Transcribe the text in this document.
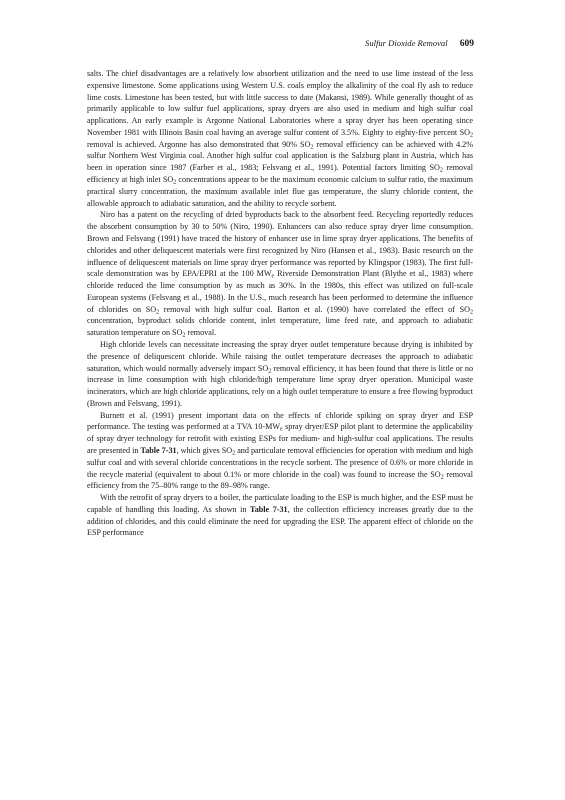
Sulfur Dioxide Removal 609

salts. The chief disadvantages are a relatively low absorbent utilization and the need to use lime instead of the less expensive limestone. Some applications using Western U.S. coals employ the alkalinity of the coal fly ash to reduce lime costs. Limestone has been tested, but with little success to date (Makansi, 1989). While generally thought of as primarily applicable to low sulfur fuel applications, spray dryers are also used in medium and high sulfur coal applications. An early example is Argonne National Laboratories where a spray dryer has been operating since November 1981 with Illinois Basin coal having an average sulfur content of 3.5%. Eighty to eighty-five percent $SO_2$ removal is achieved. Argonne has also demonstrated that 90% $SO_2$ removal efficiency can be achieved with 4.2% sulfur Northern West Virginia coal. Another high sulfur coal application is the Salzburg plant in Austria, which has been in operation since 1987 (Farber et al., 1983; Felsvang et al., 1991). Potential factors limiting $SO_2$ removal efficiency at high inlet $SO_2$ concentrations appear to be the maximum economic calcium to sulfur ratio, the maximum practical slurry concentration, the maximum available inlet flue gas temperature, the slurry chloride content, the allowable approach to adiabatic saturation, and the ability to recycle sorbent.

Niro has a patent on the recycling of dried byproducts back to the absorbent feed. Recycling reportedly reduces the absorbent consumption by 30 to 50% (Niro, 1990). Enhancers can also reduce spray dryer lime consumption. Brown and Felsvang (1991) have traced the history of enhancer use in lime spray dryer applications. The benefits of chlorides and other deliquescent materials were first recognized by Niro (Hansen et al., 1983). Basic research on the influence of deliquescent materials on lime spray dryer performance was reported by Klingspor (1983). The first full-scale demonstration was by EPA/EPRI at the 100 $MW_e$ Riverside Demonstration Plant (Blythe et al., 1983) where chloride reduced the lime consumption by as much as 30%. In the 1980s, this effect was utilized on full-scale European systems (Felsvang et al., 1988). In the U.S., much research has been performed to determine the influence of chlorides on $SO_2$ removal with high sulfur coal. Barton et al. (1990) have correlated the effect of $SO_2$ concentration, byproduct solids chloride content, inlet temperature, lime feed rate, and approach to adiabatic saturation temperature on $SO_2$ removal.

High chloride levels can necessitate increasing the spray dryer outlet temperature because drying is inhibited by the presence of deliquescent chloride. While raising the outlet temperature decreases the approach to adiabatic saturation, which would normally adversely impact $SO_2$ removal efficiency, it has been found that there is little or no increase in lime consumption with high chloride/high temperature lime spray dryer operation. Municipal waste incinerators, which are high chloride applications, rely on a high outlet temperature to ensure a free flowing byproduct (Brown and Felsvang, 1991).

Burnett et al. (1991) present important data on the effects of chloride spiking on spray dryer and ESP performance. The testing was performed at a TVA $10-MW_e$ spray dryer/ESP pilot plant to determine the applicability of spray dryer technology for retrofit with existing ESPs for medium- and high-sulfur coal applications. The results are presented in Table 7-31, which gives $SO_2$ and particulate removal efficiencies for operation with medium and high sulfur coal and with several chloride concentrations in the recycle sorbent. The presence of 0.6% or more chloride in the recycle material (equivalent to about 0.1% or more chloride in the coal) was found to increase the $SO_2$ removal efficiency from the 75–80% range to the 89–98% range.

With the retrofit of spray dryers to a boiler, the particulate loading to the ESP is much higher, and the ESP must be capable of handling this loading. As shown in Table 7-31, the collection efficiency increases greatly due to the addition of chlorides, and this could eliminate the need for upgrading the ESP. The apparent effect of chloride on the ESP performance
